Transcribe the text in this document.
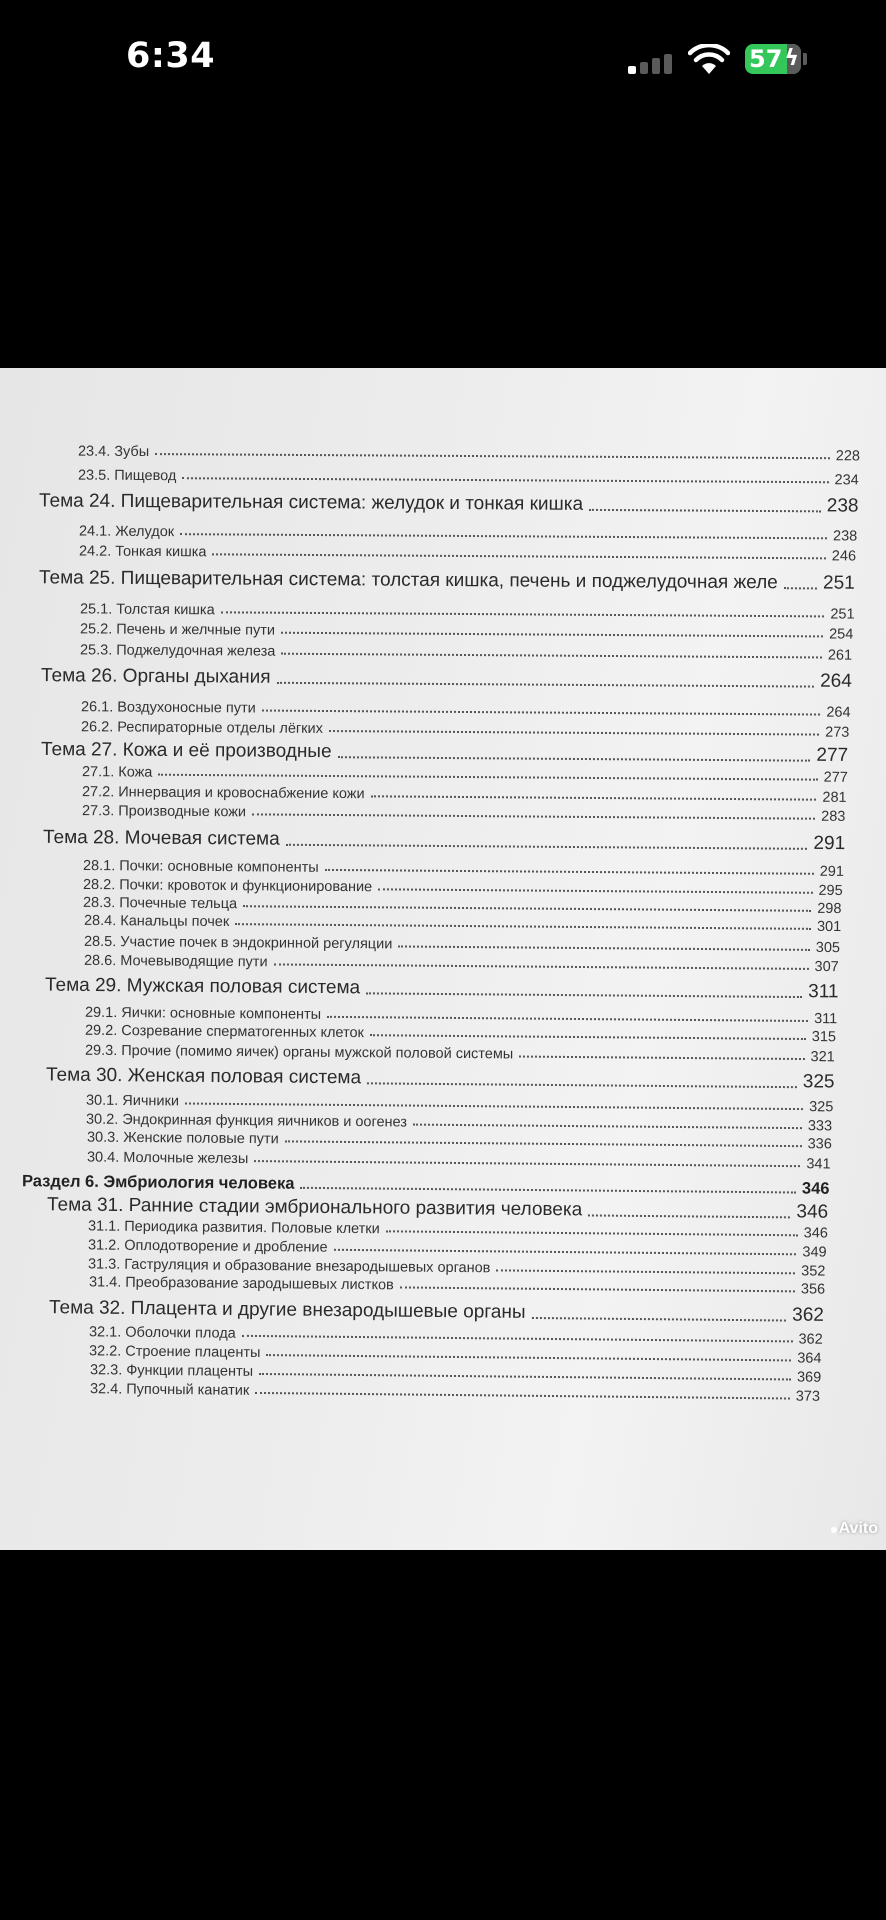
6:34	57 ϟ
23.4. Зубы	228
23.5. Пищевод	234
Тема 24. Пищеварительная система: желудок и тонкая кишка	238
24.1. Желудок	238
24.2. Тонкая кишка	246
Тема 25. Пищеварительная система: толстая кишка, печень и поджелудочная желе 251
25.1. Толстая кишка	251
25.2. Печень и желчные пути	254
25.3. Поджелудочная железа	261
Тема 26. Органы дыхания	264
26.1. Воздухоносные пути	264
26.2. Респираторные отделы лёгких	273
Тема 27. Кожа и её производные	277
27.1. Кожа	277
27.2. Иннервация и кровоснабжение кожи	281
27.3. Производные кожи	283
Тема 28. Мочевая система	291
28.1. Почки: основные компоненты	291
28.2. Почки: кровоток и функционирование	295
28.3. Почечные тельца	298
28.4. Канальцы почек	301
28.5. Участие почек в эндокринной регуляции	305
28.6. Мочевыводящие пути	307
Тема 29. Мужская половая система	311
29.1. Яички: основные компоненты	311
29.2. Созревание сперматогенных клеток	315
29.3. Прочие (помимо яичек) органы мужской половой системы	321
Тема 30. Женская половая система	325
30.1. Яичники	325
30.2. Эндокринная функция яичников и оогенез	333
30.3. Женские половые пути	336
30.4. Молочные железы	341
Раздел 6. Эмбриология человека	346
Тема 31. Ранние стадии эмбрионального развития человека	346
31.1. Периодика развития. Половые клетки	346
31.2. Оплодотворение и дробление	349
31.3. Гаструляция и образование внезародышевых органов	352
31.4. Преобразование зародышевых листков	356
Тема 32. Плацента и другие внезародышевые органы	362
32.1. Оболочки плода	362
32.2. Строение плаценты	364
32.3. Функции плаценты	369
32.4. Пупочный канатик	373
Avito
